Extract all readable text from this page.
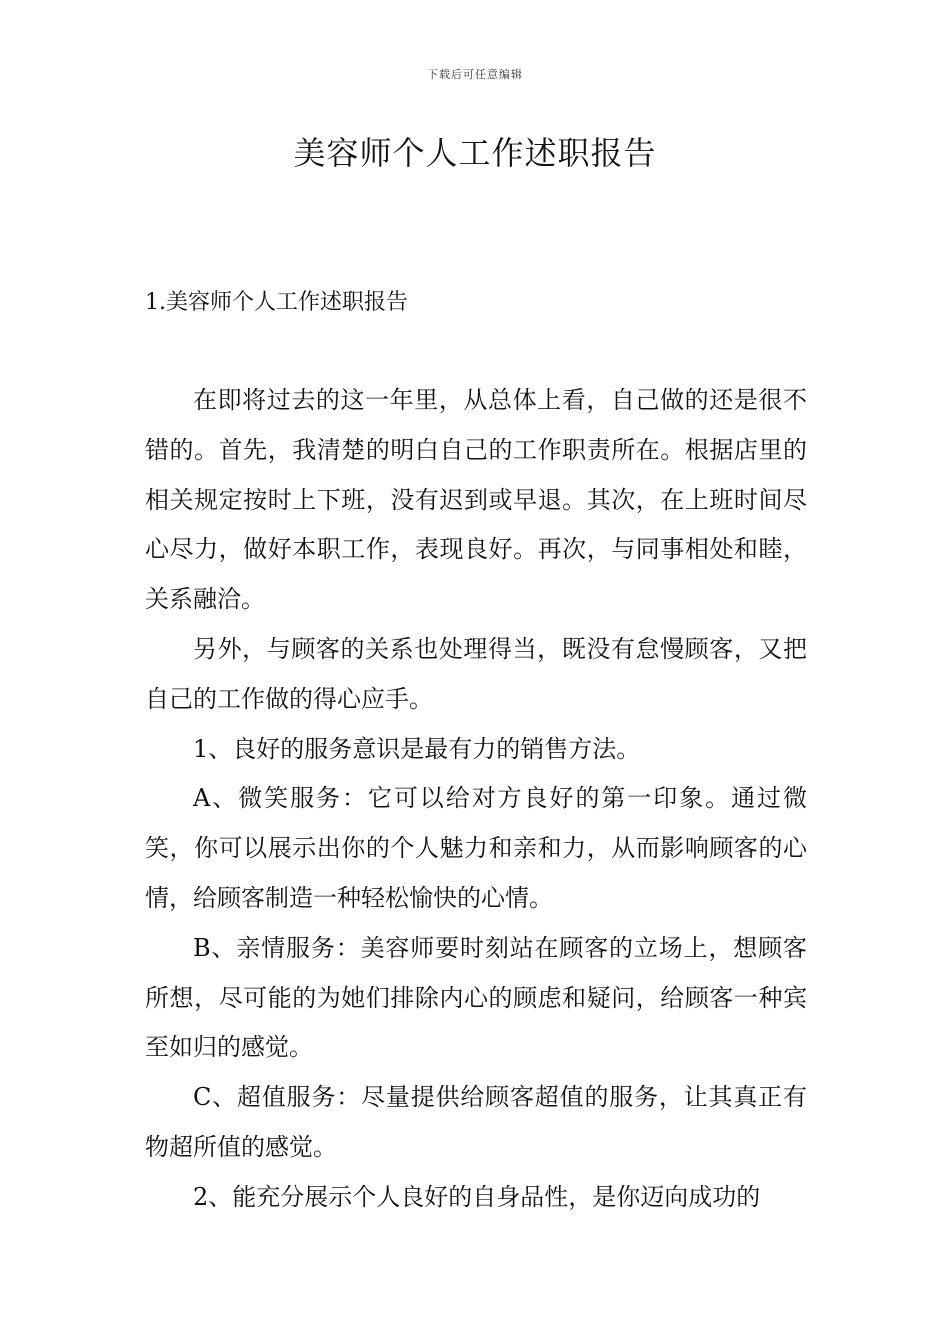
下载后可任意编辑
美容师个人工作述职报告
1.美容师个人工作述职报告

在即将过去的这一年里，从总体上看，自己做的还是很不错的。首先，我清楚的明白自己的工作职责所在。根据店里的相关规定按时上下班，没有迟到或早退。其次，在上班时间尽心尽力，做好本职工作，表现良好。再次，与同事相处和睦，关系融洽。

另外，与顾客的关系也处理得当，既没有怠慢顾客，又把自己的工作做的得心应手。

1、良好的服务意识是最有力的销售方法。

A、微笑服务：它可以给对方良好的第一印象。通过微笑，你可以展示出你的个人魅力和亲和力，从而影响顾客的心情，给顾客制造一种轻松愉快的心情。

B、亲情服务：美容师要时刻站在顾客的立场上，想顾客所想，尽可能的为她们排除内心的顾虑和疑问，给顾客一种宾至如归的感觉。

C、超值服务：尽量提供给顾客超值的服务，让其真正有物超所值的感觉。

2、能充分展示个人良好的自身品性，是你迈向成功的
